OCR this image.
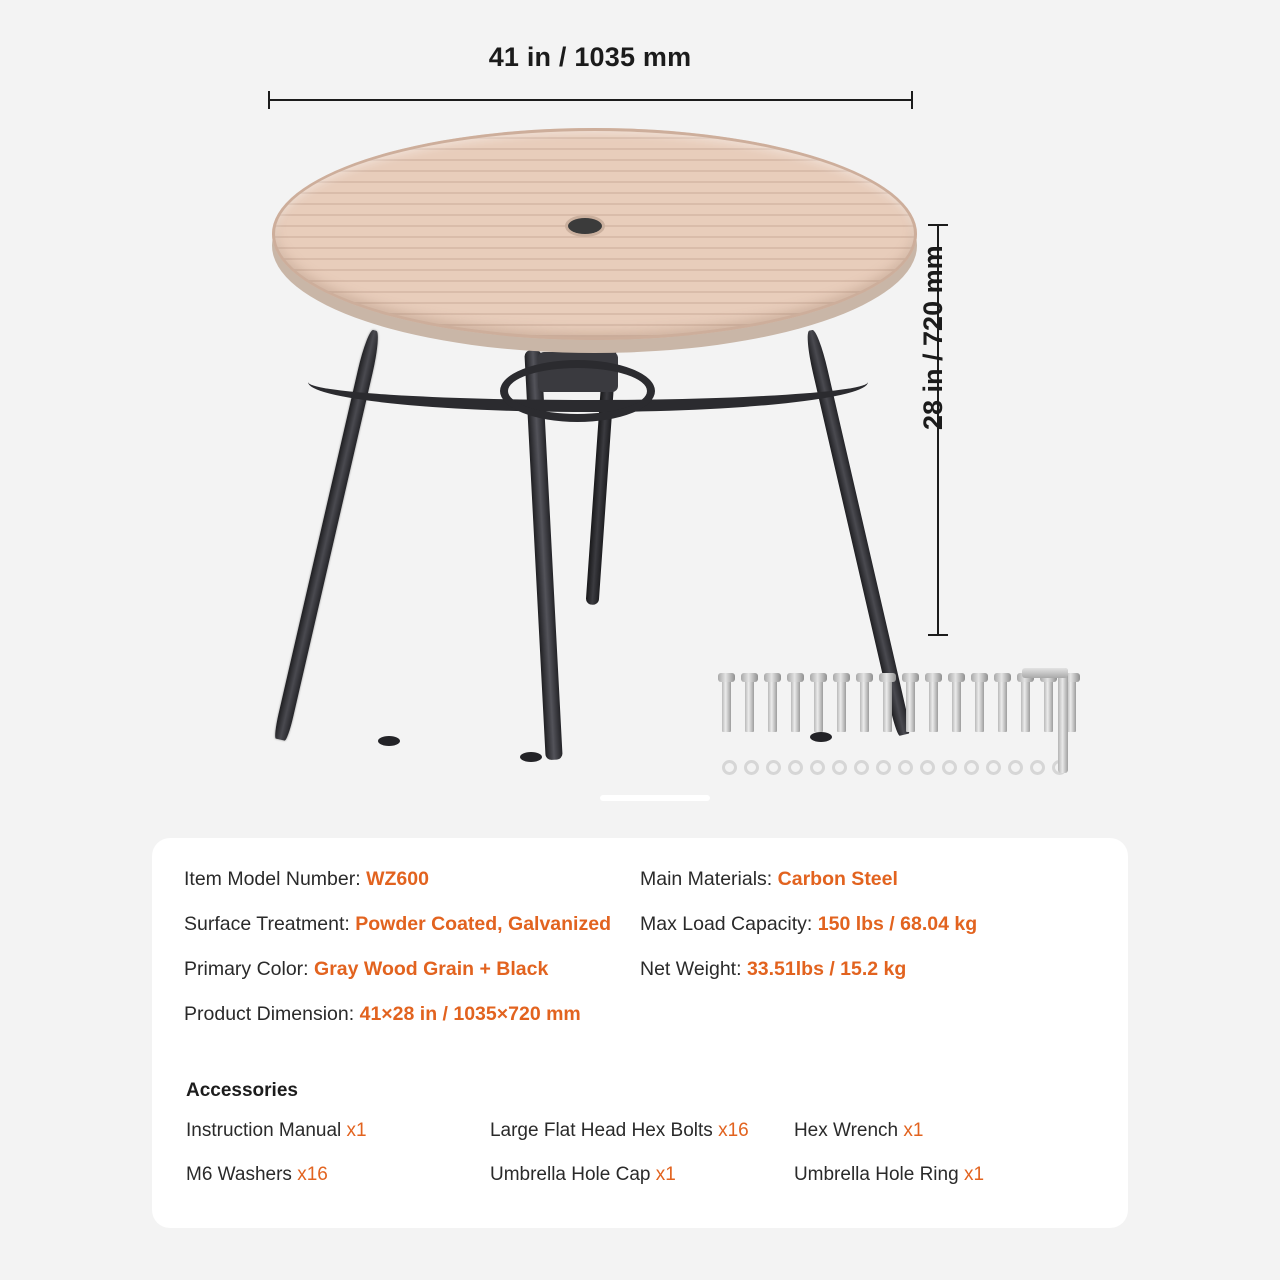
41 in / 1035 mm
28 in / 720 mm
Item Model Number: WZ600
Surface Treatment: Powder Coated, Galvanized
Primary Color: Gray Wood Grain + Black
Product Dimension: 41×28 in / 1035×720 mm
Main Materials: Carbon Steel
Max Load Capacity: 150 lbs / 68.04 kg
Net Weight: 33.51lbs / 15.2 kg
Accessories
Instruction Manual x1	Large Flat Head Hex Bolts x16	Hex Wrench x1
M6 Washers x16	Umbrella Hole Cap x1	Umbrella Hole Ring x1
